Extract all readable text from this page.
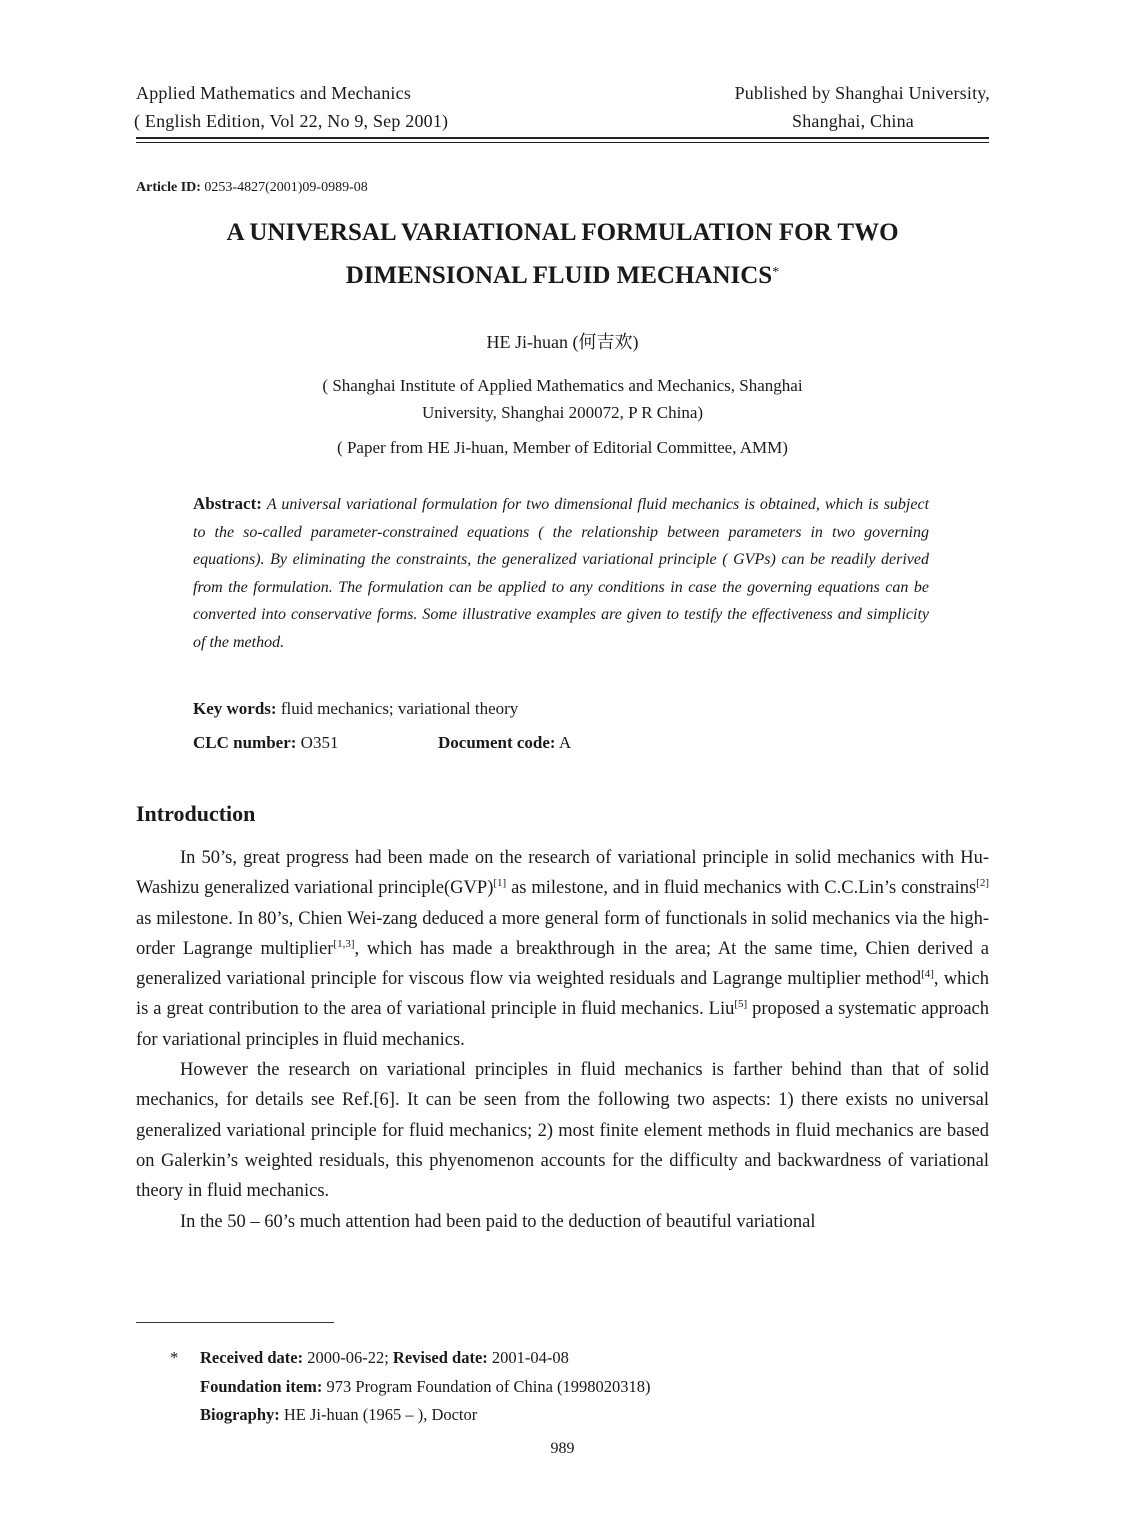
Applied Mathematics and Mechanics
( English Edition, Vol 22, No 9, Sep 2001)
Published by Shanghai University,
Shanghai, China
Article ID: 0253-4827(2001)09-0989-08
A UNIVERSAL VARIATIONAL FORMULATION FOR TWO
DIMENSIONAL FLUID MECHANICS*
HE Ji-huan (何吉欢)
( Shanghai Institute of Applied Mathematics and Mechanics, Shanghai
University, Shanghai 200072, P R China)
( Paper from HE Ji-huan, Member of Editorial Committee, AMM)
Abstract: A universal variational formulation for two dimensional fluid mechanics is obtained, which is subject to the so-called parameter-constrained equations ( the relationship between parameters in two governing equations). By eliminating the constraints, the generalized variational principle ( GVPs) can be readily derived from the formulation. The formulation can be applied to any conditions in case the governing equations can be converted into conservative forms. Some illustrative examples are given to testify the effectiveness and simplicity of the method.
Key words: fluid mechanics; variational theory
CLC number: O351	Document code: A
Introduction

In 50’s, great progress had been made on the research of variational principle in solid mechanics with Hu-Washizu generalized variational principle(GVP)[1] as milestone, and in fluid mechanics with C.C.Lin’s constrains[2] as milestone. In 80’s, Chien Wei-zang deduced a more general form of functionals in solid mechanics via the high-order Lagrange multiplier[1,3], which has made a breakthrough in the area; At the same time, Chien derived a generalized variational principle for viscous flow via weighted residuals and Lagrange multiplier method[4], which is a great contribution to the area of variational principle in fluid mechanics. Liu[5] proposed a systematic approach for variational principles in fluid mechanics.

However the research on variational principles in fluid mechanics is farther behind than that of solid mechanics, for details see Ref.[6]. It can be seen from the following two aspects: 1) there exists no universal generalized variational principle for fluid mechanics; 2) most finite element methods in fluid mechanics are based on Galerkin’s weighted residuals, this phyenomenon accounts for the difficulty and backwardness of variational theory in fluid mechanics.

In the 50 – 60’s much attention had been paid to the deduction of beautiful variational

* Received date: 2000-06-22; Revised date: 2001-04-08
Foundation item: 973 Program Foundation of China (1998020318)
Biography: HE Ji-huan (1965 – ), Doctor
989
